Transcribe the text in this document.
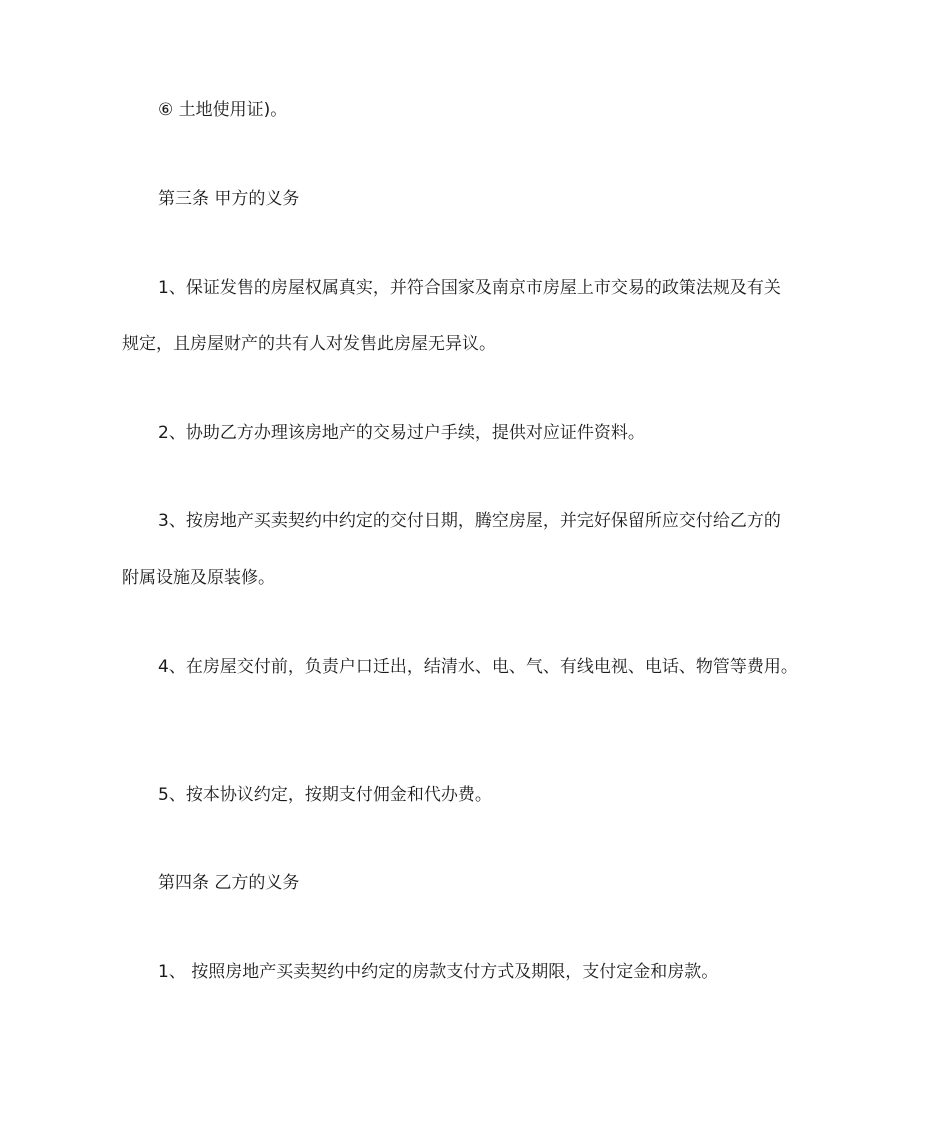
⑥ 土地使用证)。
第三条 甲方的义务
1、保证发售的房屋权属真实，并符合国家及南京市房屋上市交易的政策法规及有关
规定，且房屋财产的共有人对发售此房屋无异议。
2、协助乙方办理该房地产的交易过户手续，提供对应证件资料。
3、按房地产买卖契约中约定的交付日期，腾空房屋，并完好保留所应交付给乙方的
附属设施及原装修。
4、在房屋交付前，负责户口迁出，结清水、电、气、有线电视、电话、物管等费用。
5、按本协议约定，按期支付佣金和代办费。
第四条 乙方的义务
1、 按照房地产买卖契约中约定的房款支付方式及期限，支付定金和房款。
